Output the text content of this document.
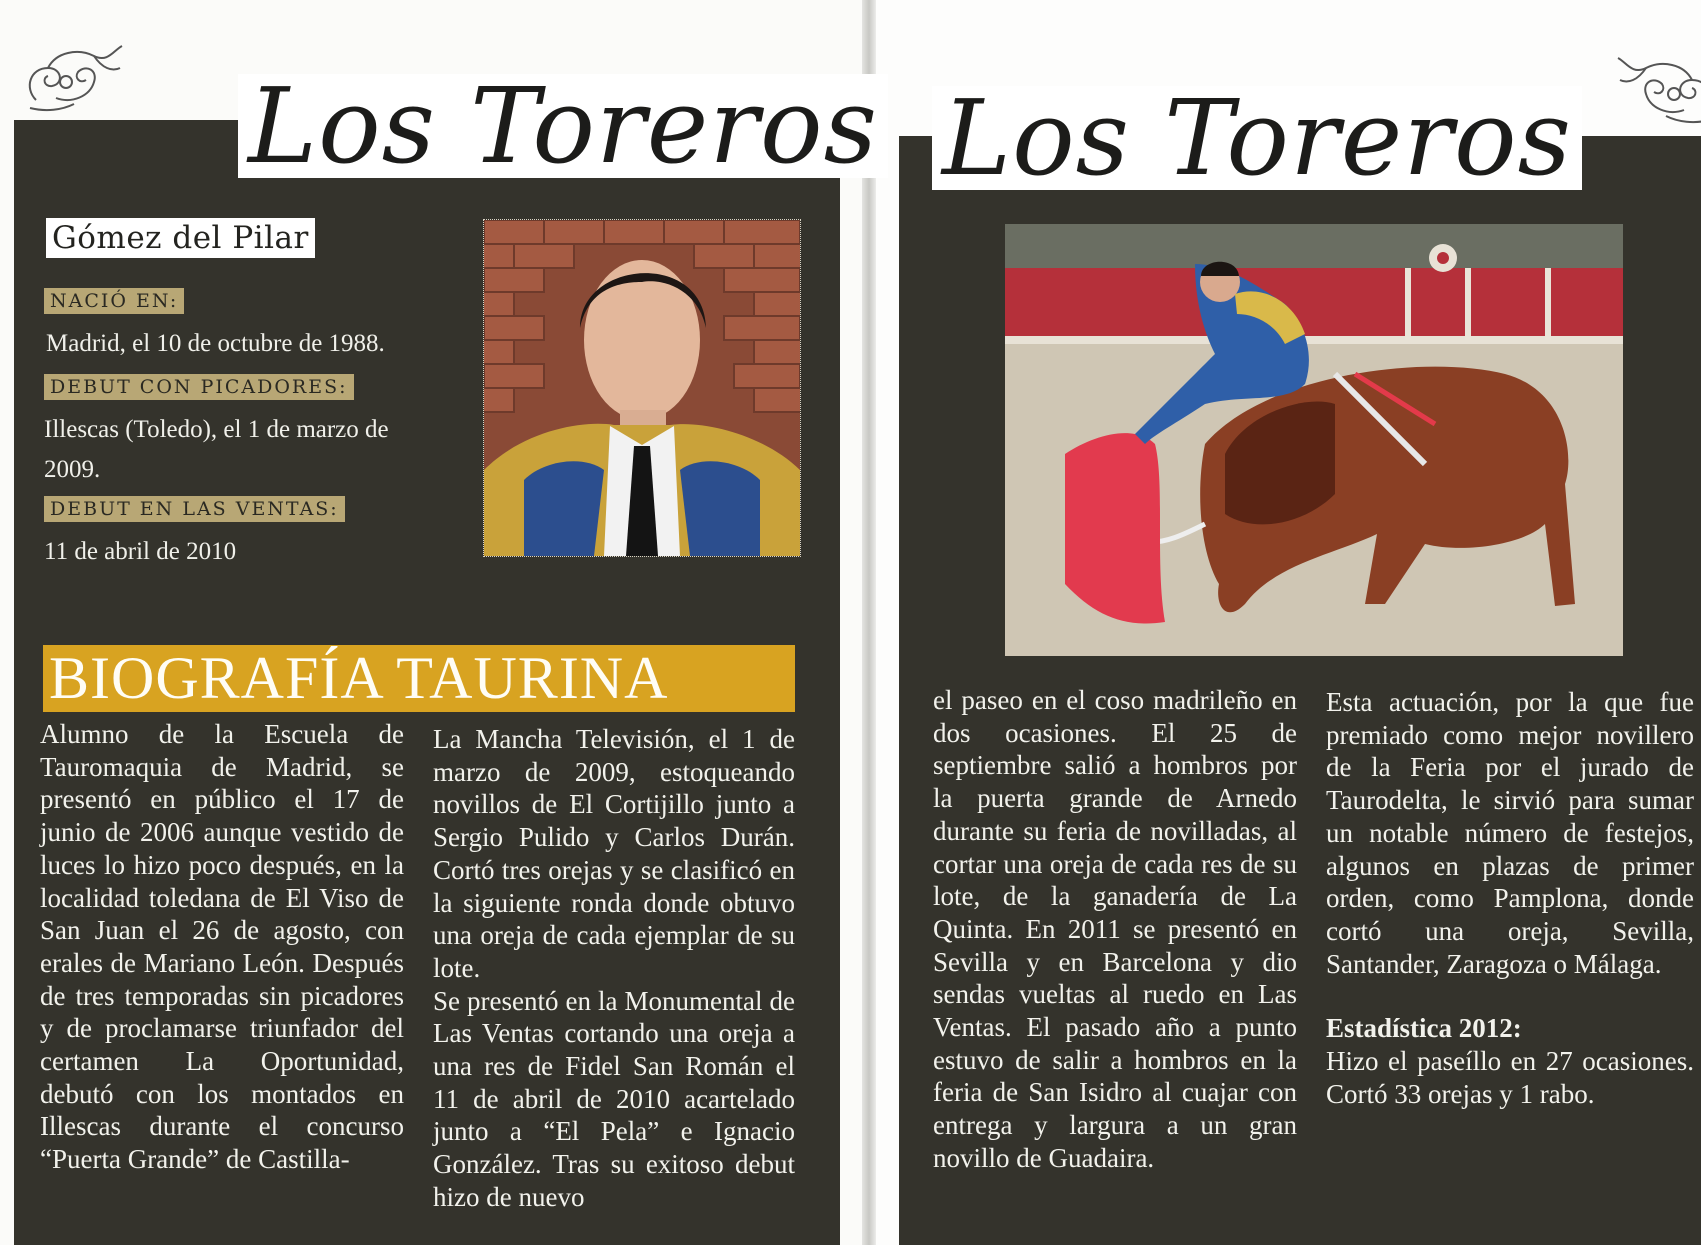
Los Toreros Los Toreros
Gómez del Pilar
NACIÓ EN:
Madrid, el 10 de octubre de 1988.
DEBUT CON PICADORES:
Illescas (Toledo), el 1 de marzo de
2009.
DEBUT EN LAS VENTAS:
11 de abril de 2010
BIOGRAFÍA TAURINA

Alumno de la Escuela de Tauromaquia de Madrid, se presentó en público el 17 de junio de 2006 aunque vestido de luces lo hizo poco después, en la localidad toledana de El Viso de San Juan el 26 de agosto, con erales de Mariano León. Después de tres temporadas sin picadores y de proclamarse triunfador del certamen La Oportunidad, debutó con los montados en Illescas durante el concurso “Puerta Grande” de Castilla-

La Mancha Televisión, el 1 de marzo de 2009, estoqueando novillos de El Cortijillo junto a Sergio Pulido y Carlos Durán. Cortó tres orejas y se clasificó en la siguiente ronda donde obtuvo una oreja de cada ejemplar de su lote.

Se presentó en la Monumental de Las Ventas cortando una oreja a una res de Fidel San Román el 11 de abril de 2010 acartelado junto a “El Pela” e Ignacio González. Tras su exitoso debut hizo de nuevo

el paseo en el coso madrileño en dos ocasiones. El 25 de septiembre salió a hombros por la puerta grande de Arnedo durante su feria de novilladas, al cortar una oreja de cada res de su lote, de la ganadería de La Quinta. En 2011 se presentó en Sevilla y en Barcelona y dio sendas vueltas al ruedo en Las Ventas. El pasado año a punto estuvo de salir a hombros en la feria de San Isidro al cuajar con entrega y largura a un gran novillo de Guadaira.

Esta actuación, por la que fue premiado como mejor novillero de la Feria por el jurado de Taurodelta, le sirvió para sumar un notable número de festejos, algunos en plazas de primer orden, como Pamplona, donde cortó una oreja, Sevilla, Santander, Zaragoza o Málaga.

Estadística 2012:

Hizo el paseíllo en 27 ocasiones. Cortó 33 orejas y 1 rabo.
